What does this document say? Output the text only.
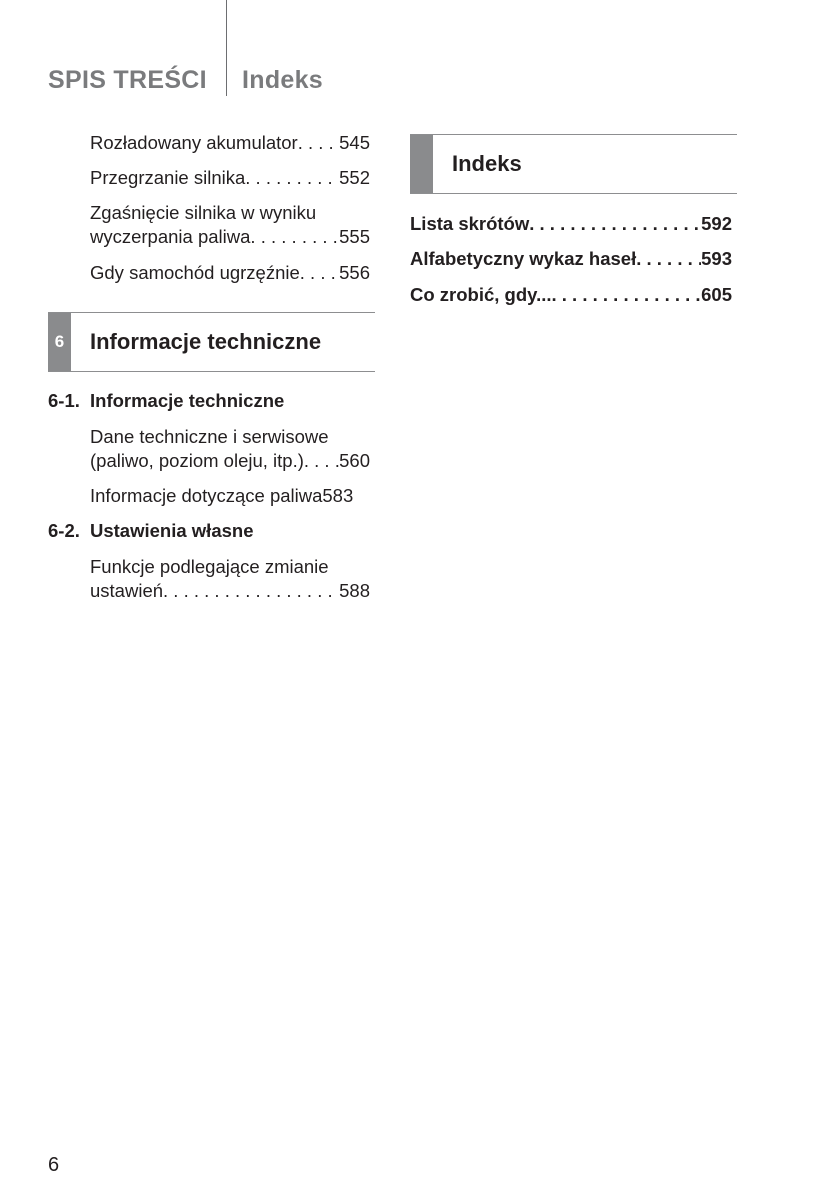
SPIS TREŚCI Indeks
Rozładowany akumulator . . . 545
Przegrzanie silnika . . .	552
Zgaśnięcie silnika w wyniku
wyczerpania paliwa . . .	555
Gdy samochód ugrzęźnie . . . 556
6	Informacje techniczne
6-1. Informacje techniczne
Dane techniczne i serwisowe
(paliwo, poziom oleju, itp.) . . . 560
Informacje dotyczące paliwa 583
6-2. Ustawienia własne
Funkcje podlegające zmianie
ustawień . . .	588
Indeks
Lista skrótów . . .	592
Alfabetyczny wykaz haseł . . .	593
Co zrobić, gdy... . . .	605
6
